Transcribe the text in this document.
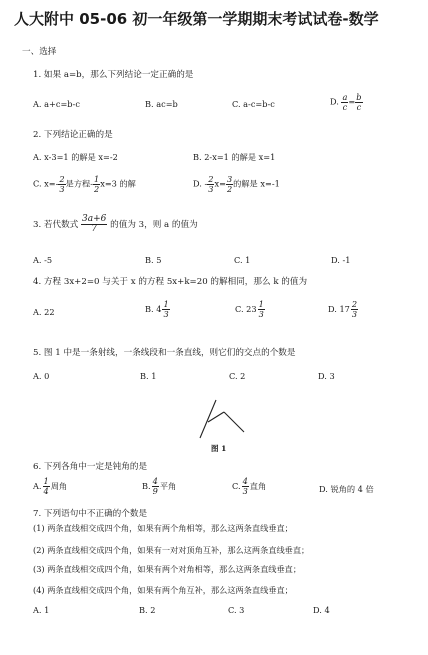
人大附中 05-06 初一年级第一学期期末考试试卷-数学
一、选择
1. 如果 a=b，那么下列结论一定正确的是
A. a+c=b-c	B. ac=b	C. a-c=b-c	D. $\frac{a}{c} = \frac{b}{c}$
2. 下列结论正确的是
A. x-3=1 的解是 x=-2	B. 2-x=1 的解是 x=1
C. $x=- \frac{2}{3}$ 是方程- $\frac{1}{2} x=3$ 的解	D. - $\frac{2}{3} x= \frac{3}{2}$ 的解是 x=-1
3. 若代数式 $\frac{3a+6}{7}$ 的值为 3，则 a 的值为
A. -5	B. 5	C. 1	D. -1
4. 方程 3x+2=0 与关于 x 的方程 5x+k=20 的解相同，那么 k 的值为
A. 22	B. $4 \frac{1}{3}$	C. $23 \frac{1}{3}$	D. $17 \frac{2}{3}$
5. 图 1 中是一条射线，一条线段和一条直线，则它们的交点的个数是
A. 0	B. 1	C. 2	D. 3
图 1
6. 下列各角中一定是钝角的是
A. $\frac{1}{4}$ 周角	B. $\frac{4}{9}$ 平角	C. $\frac{4}{3}$ 直角	D. 锐角的 4 倍
7. 下列语句中不正确的个数是
(1) 两条直线相交成四个角，如果有两个角相等，那么这两条直线垂直；
(2) 两条直线相交成四个角，如果有一对对顶角互补，那么这两条直线垂直；
(3) 两条直线相交成四个角，如果有两个对角相等，那么这两条直线垂直；
(4) 两条直线相交成四个角，如果有两个角互补，那么这两条直线垂直；
A. 1	B. 2	C. 3	D. 4
